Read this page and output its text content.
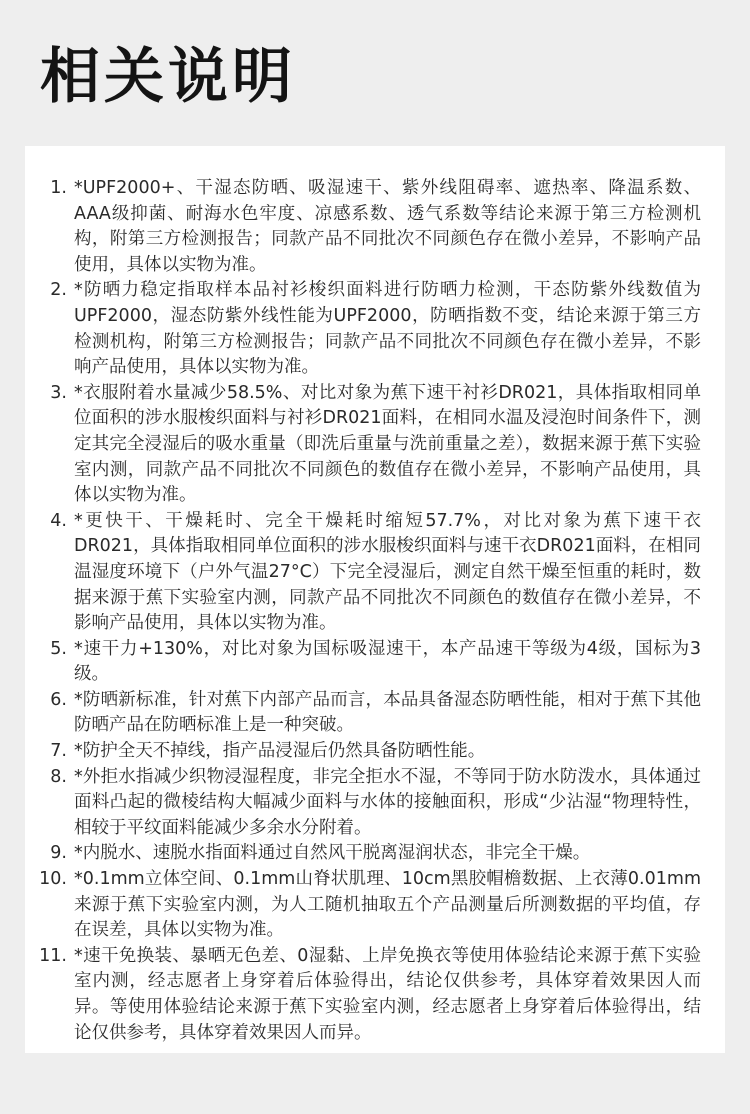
相关说明
1. *UPF2000+、干湿态防晒、吸湿速干、紫外线阻碍率、遮热率、降温系数、AAA级抑菌、耐海水色牢度、凉感系数、透气系数等结论来源于第三方检测机构，附第三方检测报告；同款产品不同批次不同颜色存在微小差异，不影响产品使用，具体以实物为准。
2. *防晒力稳定指取样本品衬衫梭织面料进行防晒力检测，干态防紫外线数值为UPF2000，湿态防紫外线性能为UPF2000，防晒指数不变，结论来源于第三方检测机构，附第三方检测报告；同款产品不同批次不同颜色存在微小差异，不影响产品使用，具体以实物为准。
3. *衣服附着水量减少58.5%、对比对象为蕉下速干衬衫DR021，具体指取相同单位面积的涉水服梭织面料与衬衫DR021面料，在相同水温及浸泡时间条件下，测定其完全浸湿后的吸水重量（即洗后重量与洗前重量之差），数据来源于蕉下实验室内测，同款产品不同批次不同颜色的数值存在微小差异，不影响产品使用，具体以实物为准。
4. *更快干、干燥耗时、完全干燥耗时缩短57.7%，对比对象为蕉下速干衣DR021，具体指取相同单位面积的涉水服梭织面料与速干衣DR021面料，在相同温湿度环境下（户外气温27°C）下完全浸湿后，测定自然干燥至恒重的耗时，数据来源于蕉下实验室内测，同款产品不同批次不同颜色的数值存在微小差异，不影响产品使用，具体以实物为准。
5. *速干力+130%，对比对象为国标吸湿速干，本产品速干等级为4级，国标为3级。
6. *防晒新标准，针对蕉下内部产品而言，本品具备湿态防晒性能，相对于蕉下其他防晒产品在防晒标准上是一种突破。
7. *防护全天不掉线，指产品浸湿后仍然具备防晒性能。
8. *外拒水指减少织物浸湿程度，非完全拒水不湿，不等同于防水防泼水，具体通过面料凸起的微棱结构大幅减少面料与水体的接触面积，形成“少沾湿“物理特性，相较于平纹面料能减少多余水分附着。
9. *内脱水、速脱水指面料通过自然风干脱离湿润状态，非完全干燥。
10. *0.1mm立体空间、0.1mm山脊状肌理、10cm黑胶帽檐数据、上衣薄0.01mm来源于蕉下实验室内测，为人工随机抽取五个产品测量后所测数据的平均值，存在误差，具体以实物为准。
11. *速干免换装、暴晒无色差、0湿黏、上岸免换衣等使用体验结论来源于蕉下实验室内测，经志愿者上身穿着后体验得出，结论仅供参考，具体穿着效果因人而异。等使用体验结论来源于蕉下实验室内测，经志愿者上身穿着后体验得出，结论仅供参考，具体穿着效果因人而异。
